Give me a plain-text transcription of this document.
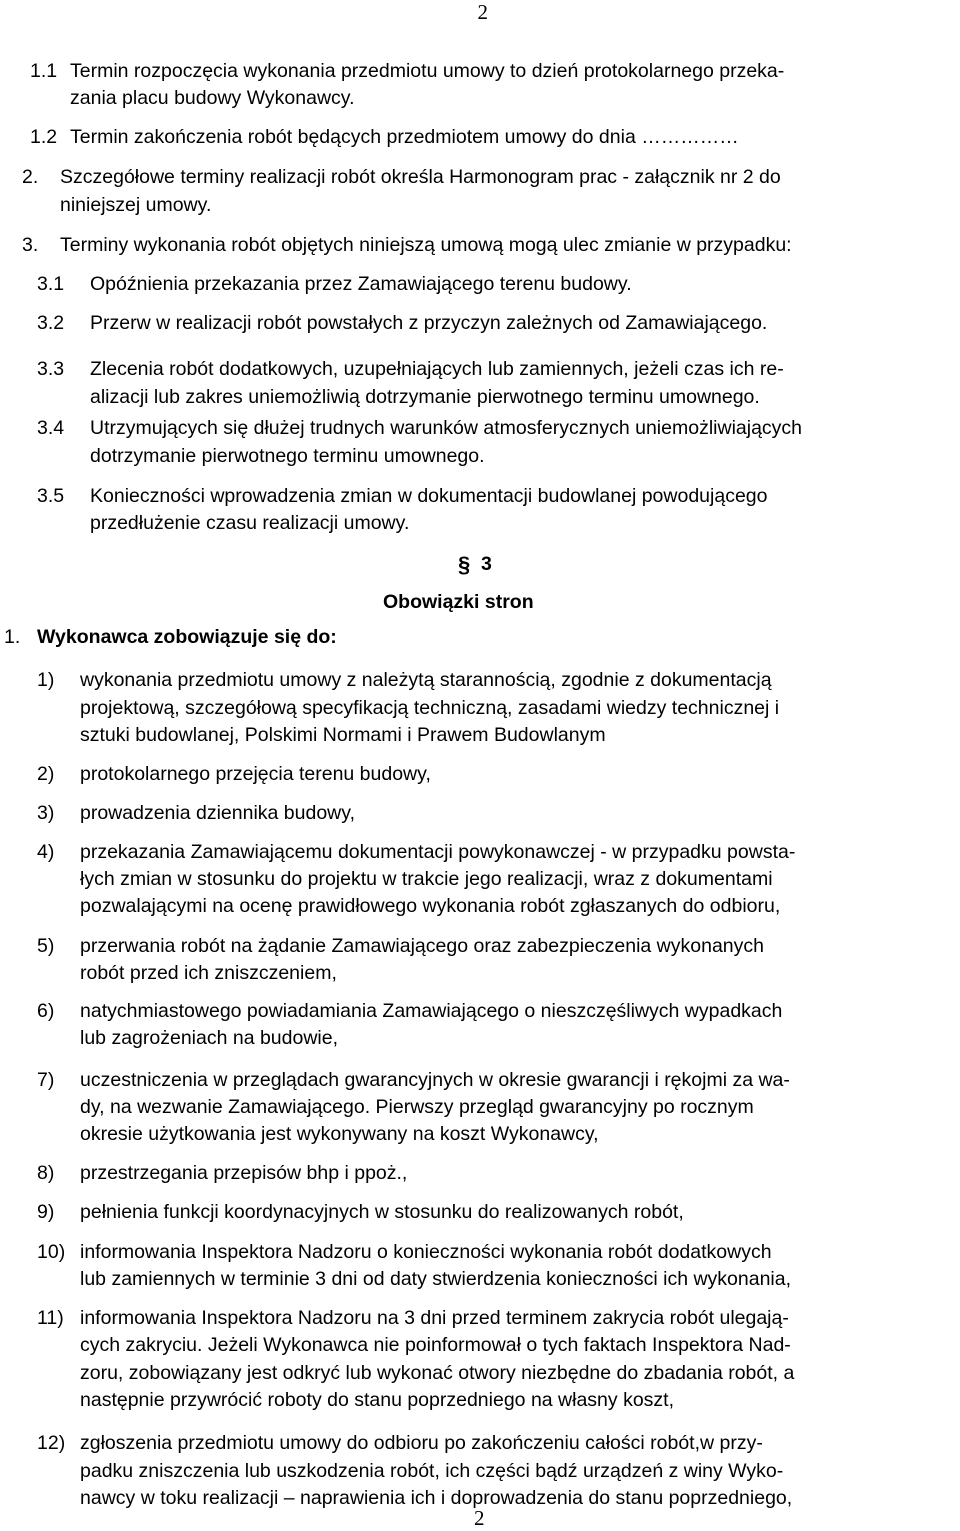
2
1.1 Termin rozpoczęcia wykonania przedmiotu umowy to dzień protokolarnego przeka-
zania placu budowy Wykonawcy.
1.2 Termin zakończenia robót będących przedmiotem umowy do dnia ……………
2. Szczegółowe terminy realizacji robót określa Harmonogram prac - załącznik nr 2 do
niniejszej umowy.
3. Terminy wykonania robót objętych niniejszą umową mogą ulec zmianie w przypadku:
3.1 Opóźnienia przekazania przez Zamawiającego terenu budowy.
3.2 Przerw w realizacji robót powstałych z przyczyn zależnych od Zamawiającego.
3.3 Zlecenia robót dodatkowych, uzupełniających lub zamiennych, jeżeli czas ich re-
alizacji lub zakres uniemożliwią dotrzymanie pierwotnego terminu umownego.
3.4 Utrzymujących się dłużej trudnych warunków atmosferycznych uniemożliwiających
dotrzymanie pierwotnego terminu umownego.
3.5 Konieczności wprowadzenia zmian w dokumentacji budowlanej powodującego
przedłużenie czasu realizacji umowy.
§ 3
Obowiązki stron
1. Wykonawca zobowiązuje się do:
1) wykonania przedmiotu umowy z należytą starannością, zgodnie z dokumentacją
projektową, szczegółową specyfikacją techniczną, zasadami wiedzy technicznej i
sztuki budowlanej, Polskimi Normami i Prawem Budowlanym
2) protokolarnego przejęcia terenu budowy,
3) prowadzenia dziennika budowy,
4) przekazania Zamawiającemu dokumentacji powykonawczej - w przypadku powsta-
łych zmian w stosunku do projektu w trakcie jego realizacji, wraz z dokumentami
pozwalającymi na ocenę prawidłowego wykonania robót zgłaszanych do odbioru,
5) przerwania robót na żądanie Zamawiającego oraz zabezpieczenia wykonanych
robót przed ich zniszczeniem,
6) natychmiastowego powiadamiania Zamawiającego o nieszczęśliwych wypadkach
lub zagrożeniach na budowie,
7) uczestniczenia w przeglądach gwarancyjnych w okresie gwarancji i rękojmi za wa-
dy, na wezwanie Zamawiającego. Pierwszy przegląd gwarancyjny po rocznym
okresie użytkowania jest wykonywany na koszt Wykonawcy,
8) przestrzegania przepisów bhp i ppoż.,
9) pełnienia funkcji koordynacyjnych w stosunku do realizowanych robót,
10) informowania Inspektora Nadzoru o konieczności wykonania robót dodatkowych
lub zamiennych w terminie 3 dni od daty stwierdzenia konieczności ich wykonania,
11) informowania Inspektora Nadzoru na 3 dni przed terminem zakrycia robót ulegają-
cych zakryciu. Jeżeli Wykonawca nie poinformował o tych faktach Inspektora Nad-
zoru, zobowiązany jest odkryć lub wykonać otwory niezbędne do zbadania robót, a
następnie przywrócić roboty do stanu poprzedniego na własny koszt,
12) zgłoszenia przedmiotu umowy do odbioru po zakończeniu całości robót,w przy-
padku zniszczenia lub uszkodzenia robót, ich części bądź urządzeń z winy Wyko-
nawcy w toku realizacji – naprawienia ich i doprowadzenia do stanu poprzedniego,
2
